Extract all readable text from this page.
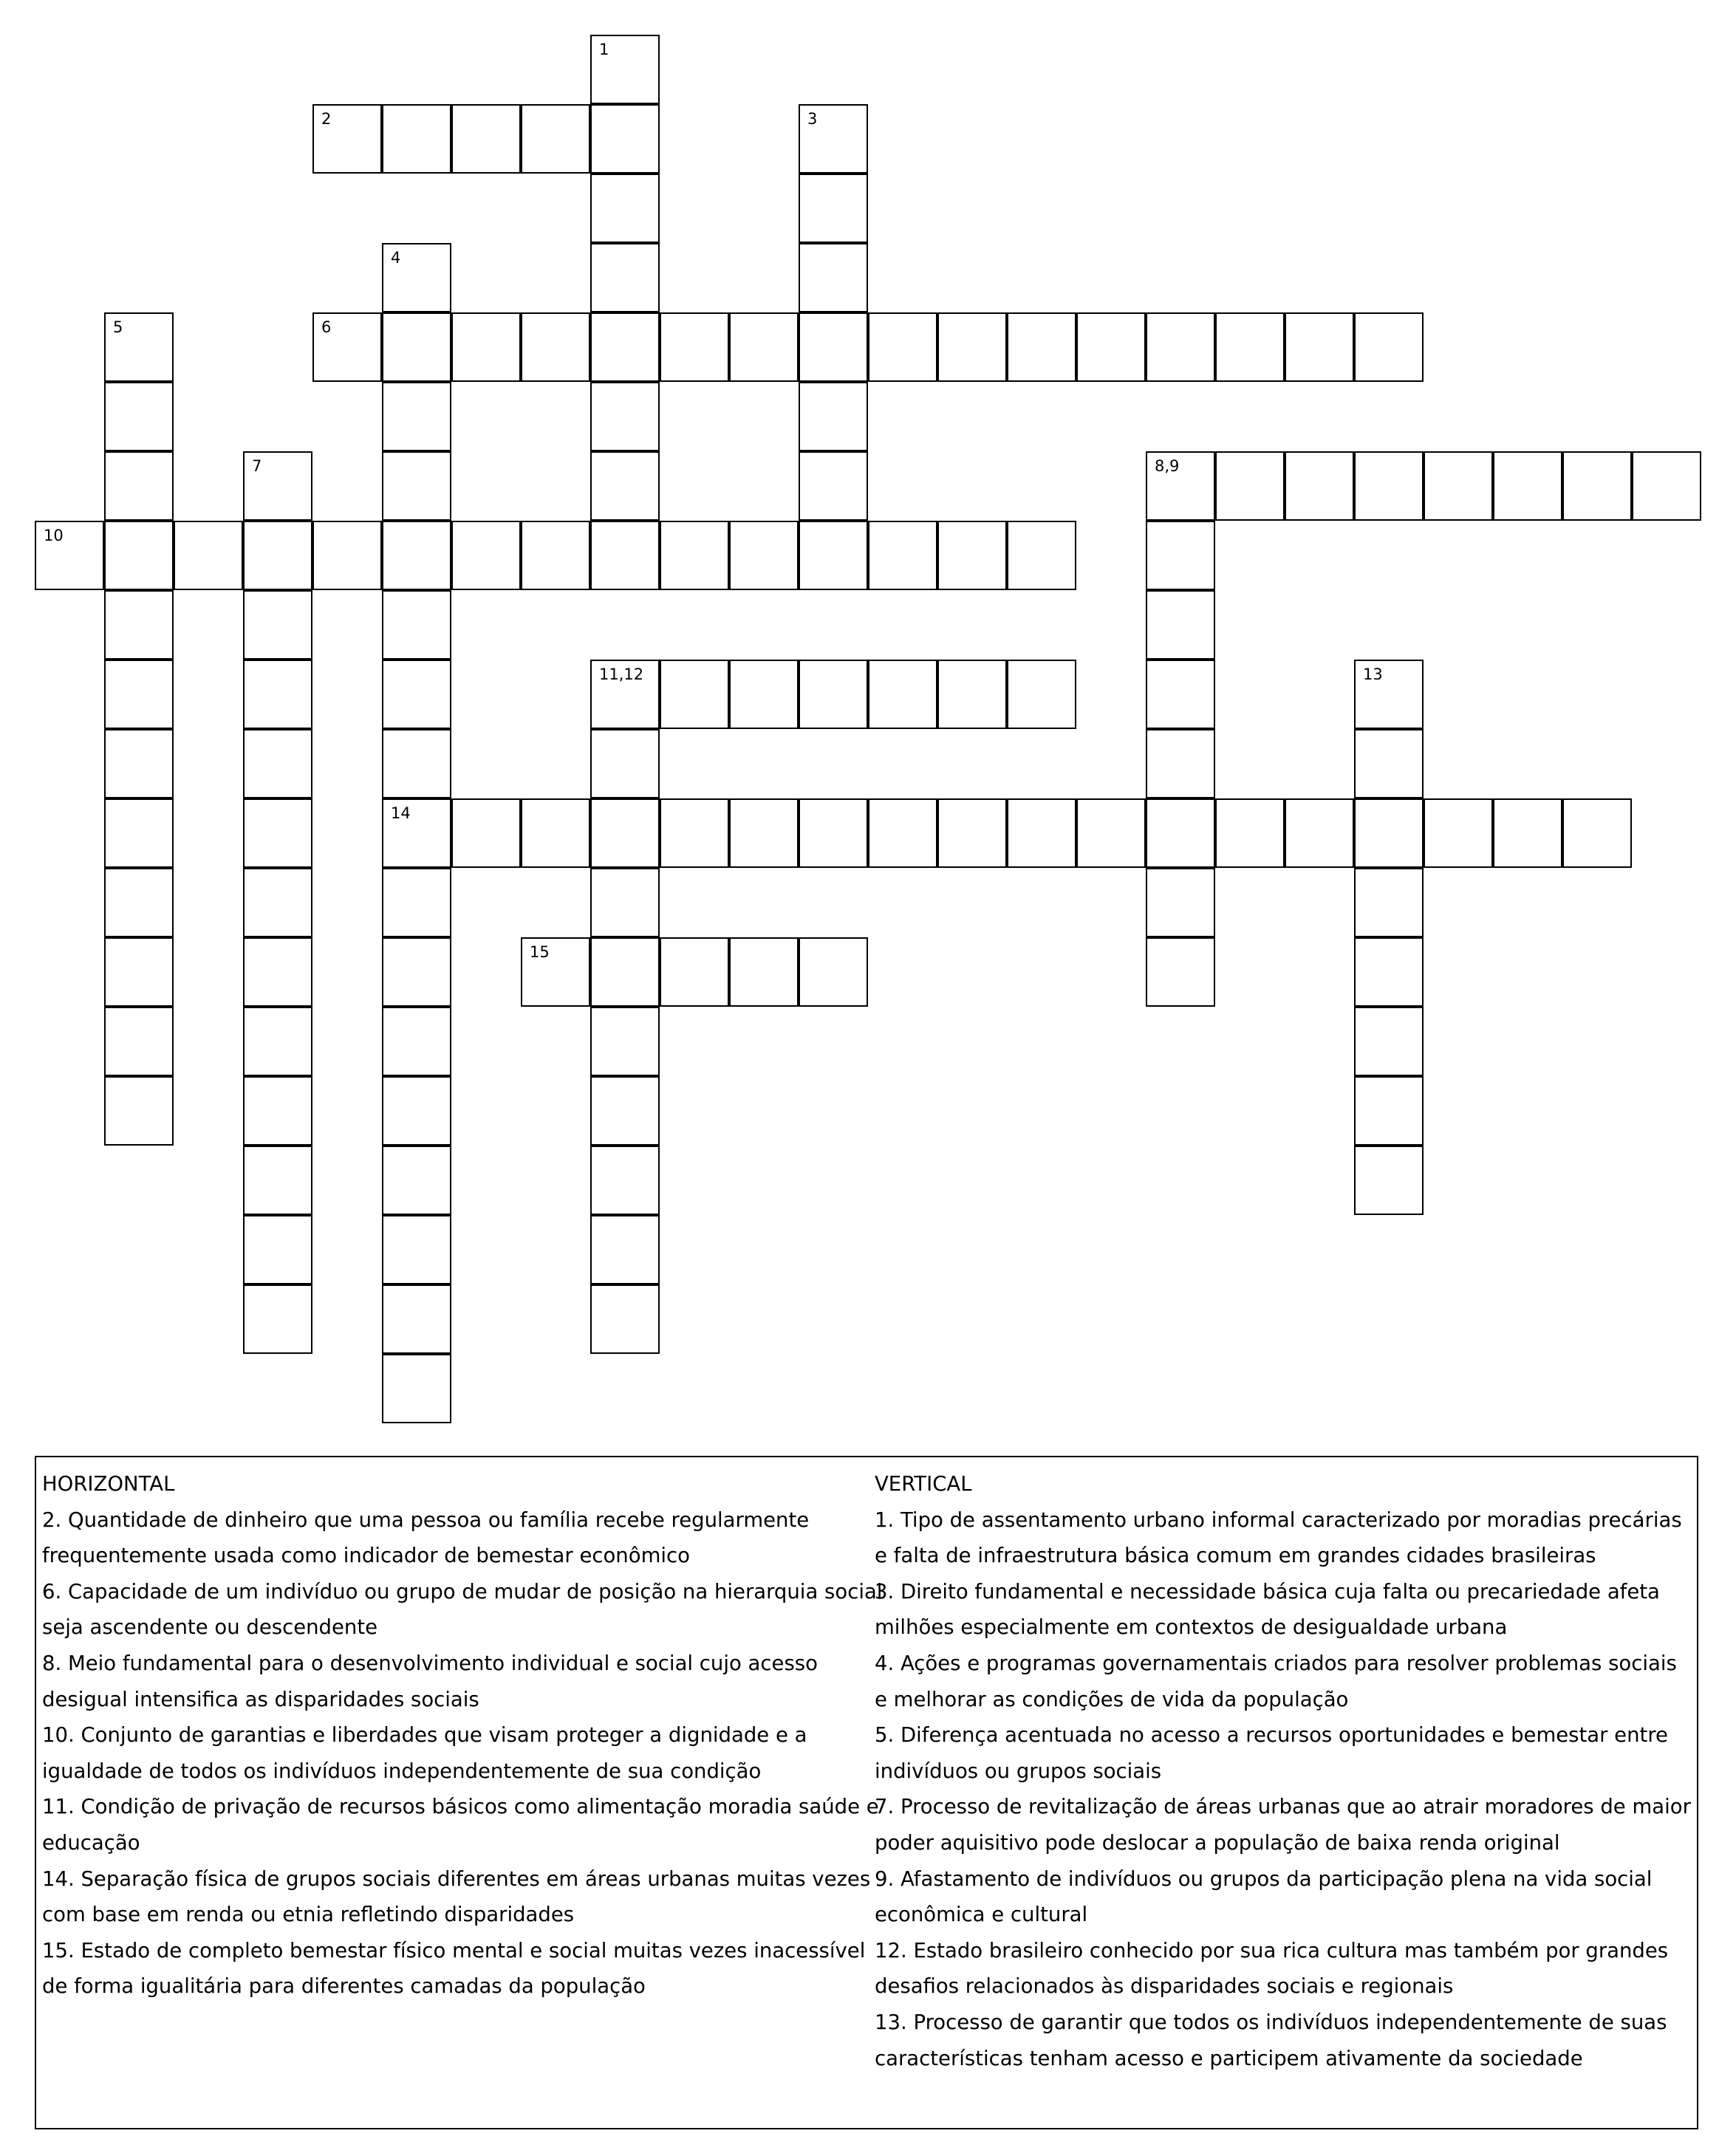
1
2	3
4
14
5	6
7	8,9
10
11,12	13
15
HORIZONTAL
2. Quantidade de dinheiro que uma pessoa ou família recebe regularmente frequentemente usada como indicador de bemestar econômico
6. Capacidade de um indivíduo ou grupo de mudar de posição na hierarquia social seja ascendente ou descendente
8. Meio fundamental para o desenvolvimento individual e social cujo acesso desigual intensifica as disparidades sociais
10. Conjunto de garantias e liberdades que visam proteger a dignidade e a igualdade de todos os indivíduos independentemente de sua condição
11. Condição de privação de recursos básicos como alimentação moradia saúde e educação
14. Separação física de grupos sociais diferentes em áreas urbanas muitas vezes com base em renda ou etnia refletindo disparidades
15. Estado de completo bemestar físico mental e social muitas vezes inacessível de forma igualitária para diferentes camadas da população
VERTICAL
1. Tipo de assentamento urbano informal caracterizado por moradias precárias e falta de infraestrutura básica comum em grandes cidades brasileiras
3. Direito fundamental e necessidade básica cuja falta ou precariedade afeta milhões especialmente em contextos de desigualdade urbana
4. Ações e programas governamentais criados para resolver problemas sociais e melhorar as condições de vida da população
5. Diferença acentuada no acesso a recursos oportunidades e bemestar entre indivíduos ou grupos sociais
7. Processo de revitalização de áreas urbanas que ao atrair moradores de maior poder aquisitivo pode deslocar a população de baixa renda original
9. Afastamento de indivíduos ou grupos da participação plena na vida social econômica e cultural
12. Estado brasileiro conhecido por sua rica cultura mas também por grandes desafios relacionados às disparidades sociais e regionais
13. Processo de garantir que todos os indivíduos independentemente de suas características tenham acesso e participem ativamente da sociedade
